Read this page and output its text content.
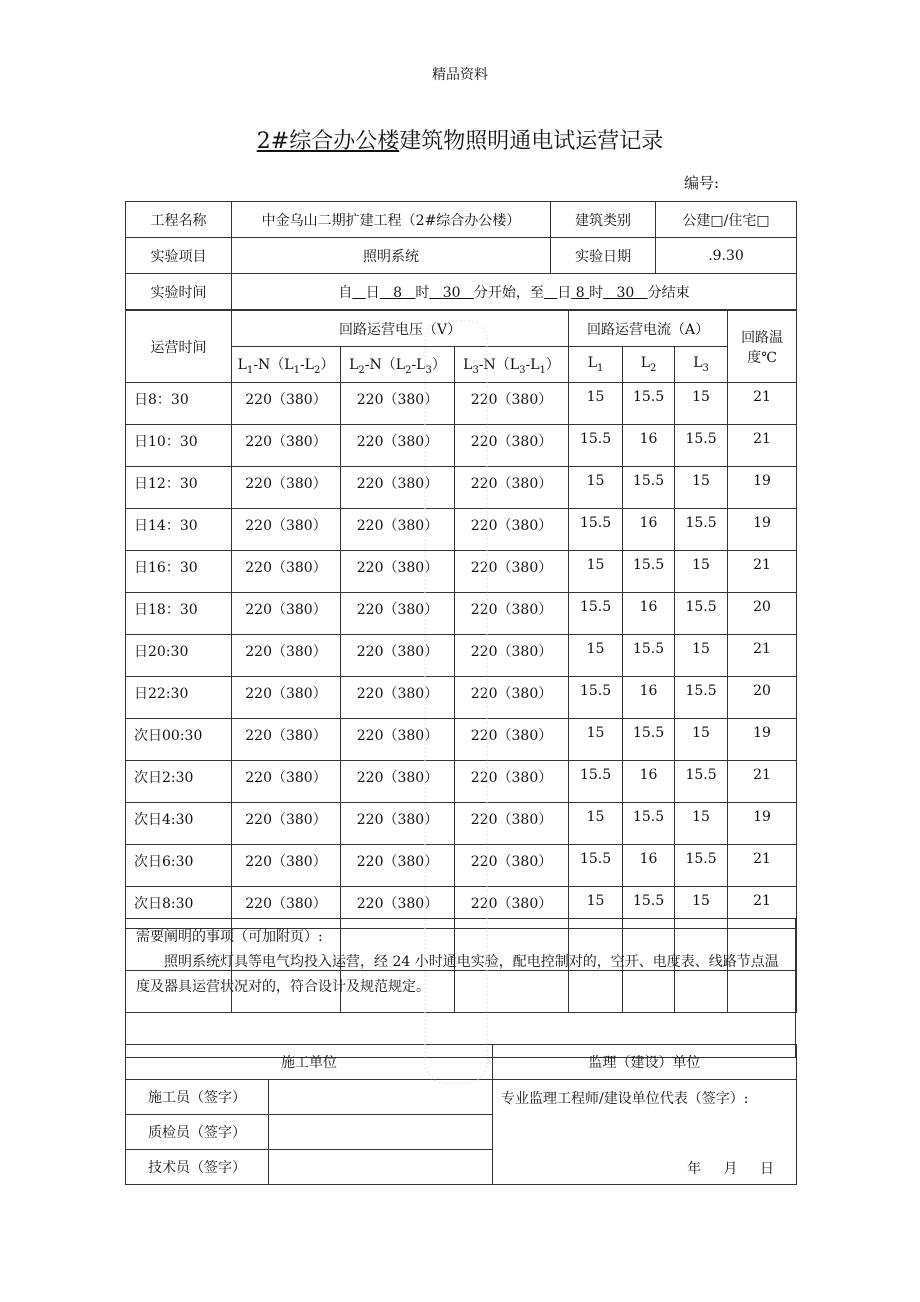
精品资料
2#综合办公楼建筑物照明通电试运营记录
编号:
工程名称	中金乌山二期扩建工程（2#综合办公楼）	建筑类别	公建□/住宅□
实验项目	照明系统	实验日期	.9.30
实验时间	自 日 8 时 30 分开始，至 日 8 时 30 分结束		
运营时间	回路运营电压（V）			回路运营电流（A）			回路温度℃
	$L_1-N(L_1-L_2)$	$L_2-N(L_2-L_3)$	$L_3-N(L_3-L_1)$	$L_1$	$L_2$	$L_3$
日8：30	220（380）	220（380）	220（380）	15	15.5	15	21
日10：30	220（380）	220（380）	220（380）	15.5	16	15.5	21
日12：30	220（380）	220（380）	220（380）	15	15.5	15	19
日14：30	220（380）	220（380）	220（380）	15.5	16	15.5	19
日16：30	220（380）	220（380）	220（380）	15	15.5	15	21
日18：30	220（380）	220（380）	220（380）	15.5	16	15.5	20
日20:30	220（380）	220（380）	220（380）	15	15.5	15	21
日22:30	220（380）	220（380）	220（380）	15.5	16	15.5	20
次日00:30	220（380）	220（380）	220（380）	15	15.5	15	19
次日2:30	220（380）	220（380）	220（380）	15.5	16	15.5	21
次日4:30	220（380）	220（380）	220（380）	15	15.5	15	19
次日6:30	220（380）	220（380）	220（380）	15.5	16	15.5	21
次日8:30	220（380）	220（380）	220（380）	15	15.5	15	21

需要阐明的事项（可加附页）:
照明系统灯具等电气均投入运营，经 24 小时通电实验，配电控制对的，空开、电度表、线路节点温度及器具运营状况对的，符合设计及规范规定。
施工单位		监理（建设）单位
施工员（签字）		专业监理工程师/建设单位代表（签字）:
年 月 日

质检员（签字）		
技术员（签字）		
